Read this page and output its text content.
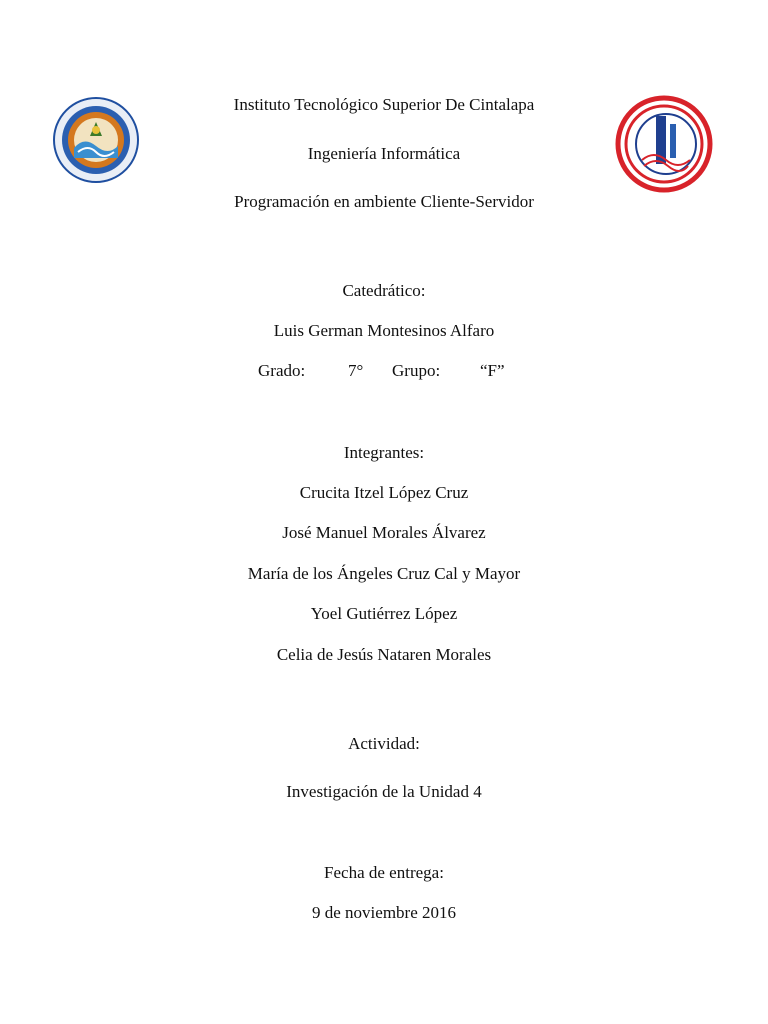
Instituto Tecnológico Superior De Cintalapa
Ingeniería Informática
Programación en ambiente Cliente-Servidor
Catedrático:
Luis German Montesinos Alfaro
Grado:	7° Grupo: “F”
Integrantes:
Crucita Itzel López Cruz
José Manuel Morales Álvarez
María de los Ángeles Cruz Cal y Mayor
Yoel Gutiérrez López
Celia de Jesús Nataren Morales
Actividad:
Investigación de la Unidad 4
Fecha de entrega:
9 de noviembre 2016
